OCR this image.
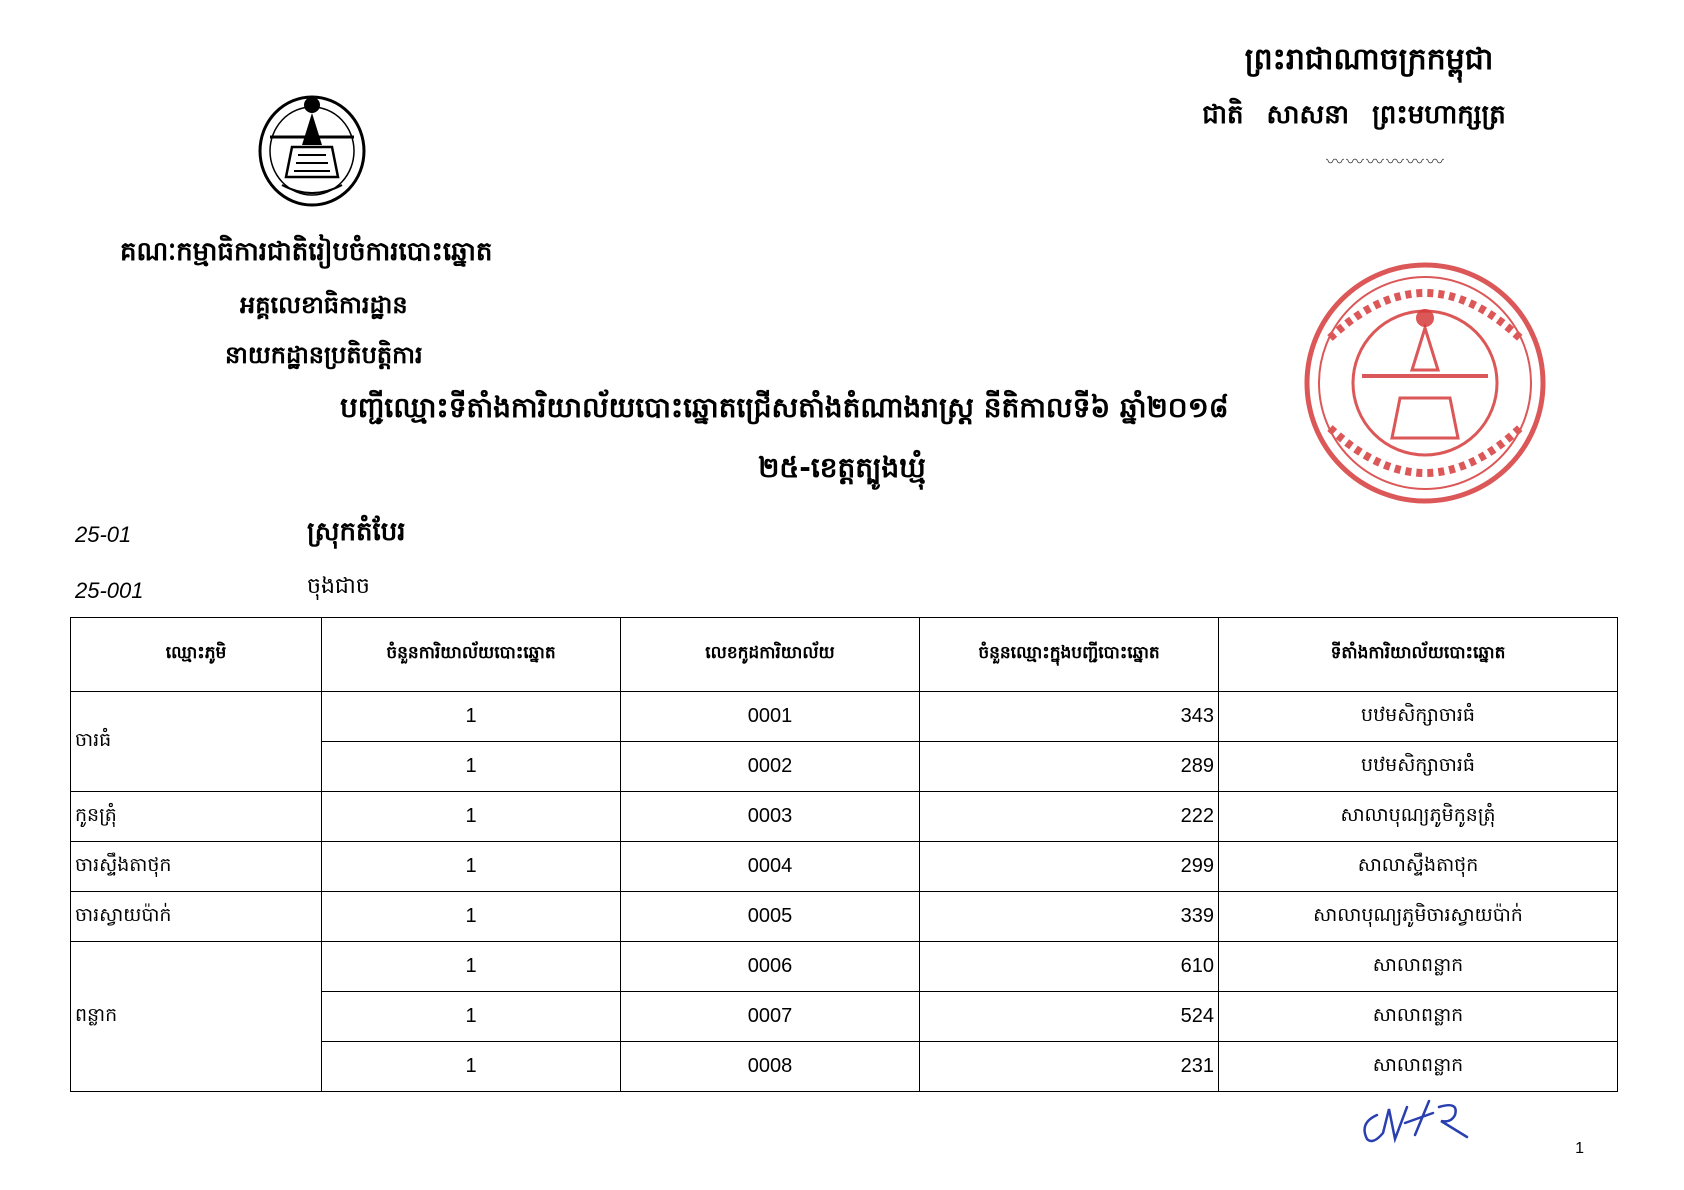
ព្រះរាជាណាចក្រកម្ពុជា
ជាតិ សាសនា ព្រះមហាក្សត្រ
〰〰〰〰〰〰
គណៈកម្មាធិការជាតិរៀបចំការបោះឆ្នោត
អគ្គលេខាធិការដ្ឋាន
នាយកដ្ឋានប្រតិបត្តិការ
បញ្ជីឈ្មោះទីតាំងការិយាល័យបោះឆ្នោតជ្រើសតាំងតំណាងរាស្ត្រ នីតិកាលទី៦ ឆ្នាំ២០១៨
២៥-ខេត្តត្បូងឃ្មុំ
25-01	ស្រុកតំបែរ
25-001	ចុងជាច
ឈ្មោះភូមិ	ចំនួនការិយាល័យបោះឆ្នោត	លេខកូដការិយាល័យ	ចំនួនឈ្មោះក្នុងបញ្ជីបោះឆ្នោត	ទីតាំងការិយាល័យបោះឆ្នោត
ចារធំ	1	0001	343	បឋមសិក្សាចារធំ
	1	0002	289	បឋមសិក្សាចារធំ
កូនត្រុំ	1	0003	222	សាលាបុណ្យភូមិកូនត្រុំ
ចារស្ទឹងតាថុក	1	0004	299	សាលាស្ទឹងតាថុក
ចារស្វាយប៉ាក់	1	0005	339	សាលាបុណ្យភូមិចារស្វាយប៉ាក់
ពន្លាក	1	0006	610	សាលាពន្លាក
	1	0007	524	សាលាពន្លាក
	1	0008	231	សាលាពន្លាក
1
